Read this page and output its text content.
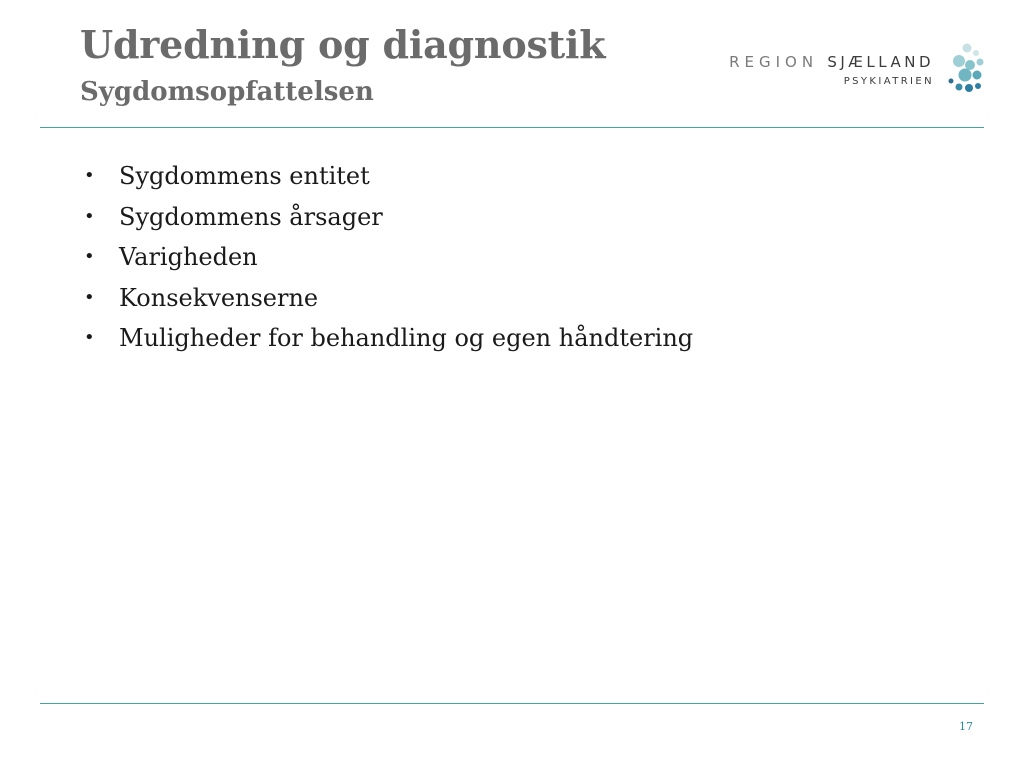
Udredning og diagnostik
Sygdomsopfattelsen
REGION SJÆLLAND
PSYKIATRIEN
• Sygdommens entitet
• Sygdommens årsager
• Varigheden
• Konsekvenserne
• Muligheder for behandling og egen håndtering
17
